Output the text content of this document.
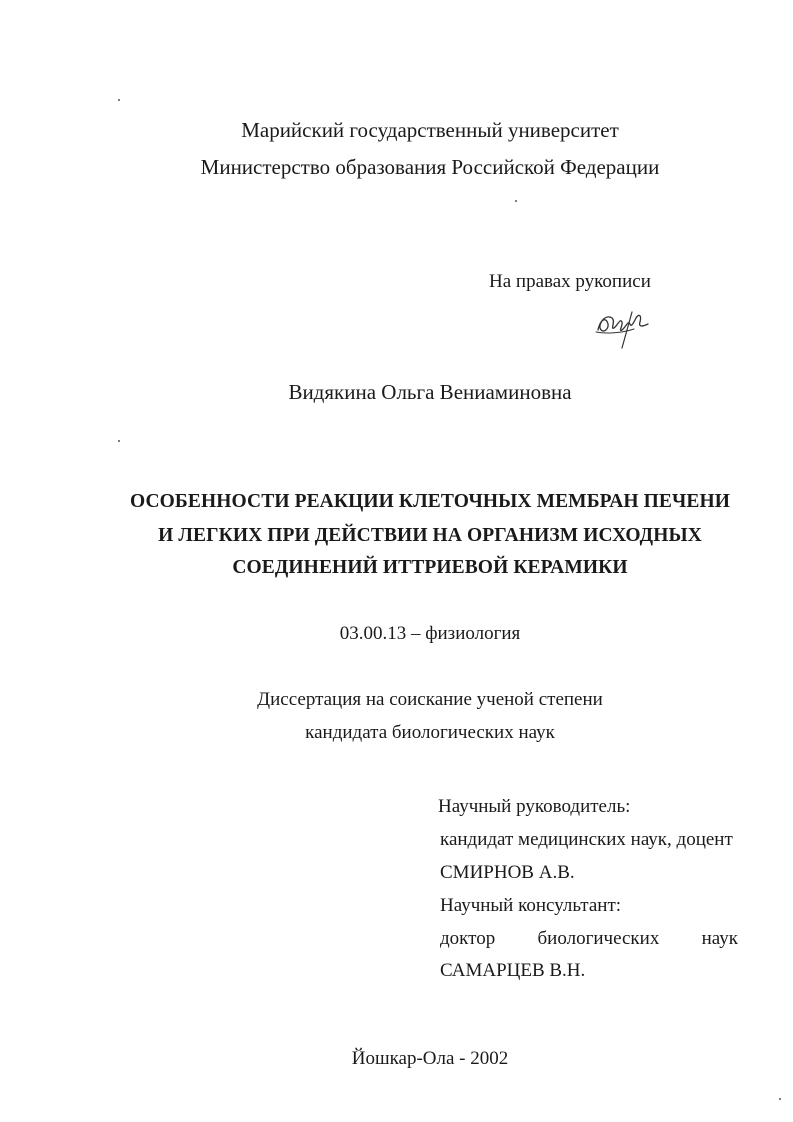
Марийский государственный университет
Министерство образования Российской Федерации
На правах рукописи
Видякина Ольга Вениаминовна
ОСОБЕННОСТИ РЕАКЦИИ КЛЕТОЧНЫХ МЕМБРАН ПЕЧЕНИ
И ЛЕГКИХ ПРИ ДЕЙСТВИИ НА ОРГАНИЗМ ИСХОДНЫХ
СОЕДИНЕНИЙ ИТТРИЕВОЙ КЕРАМИКИ
03.00.13 – физиология
Диссертация на соискание ученой степени
кандидата биологических наук
Научный руководитель:
кандидат медицинских наук, доцент
СМИРНОВ А.В.
Научный консультант:
доктор биологических наук
САМАРЦЕВ В.Н.
Йошкар-Ола - 2002
